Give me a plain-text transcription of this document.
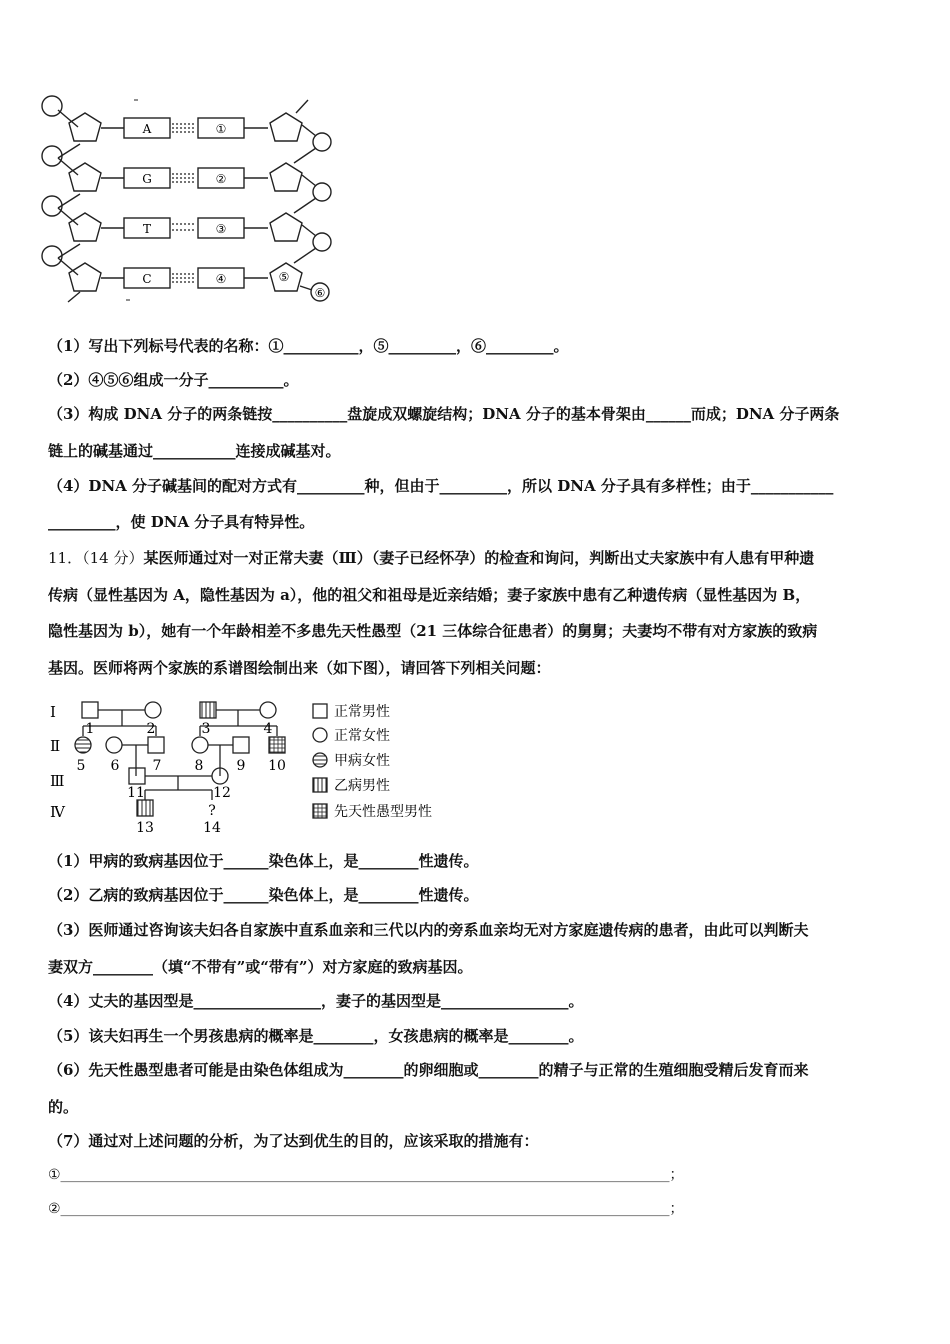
A
G
T
C
①
②
③
④	⑤
⑥
（1）写出下列标号代表的名称：①__________，⑤_________，⑥_________。
（2）④⑤⑥组成一分子__________。
（3）构成 DNA 分子的两条链按__________盘旋成双螺旋结构；DNA 分子的基本骨架由______而成；DNA 分子两条
链上的碱基通过___________连接成碱基对。
（4）DNA 分子碱基间的配对方式有_________种，但由于_________，所以 DNA 分子具有多样性；由于___________
_________，使 DNA 分子具有特异性。
11．（14 分）某医师通过对一对正常夫妻（Ⅲ）（妻子已经怀孕）的检查和询问，判断出丈夫家族中有人患有甲种遗
传病（显性基因为 A，隐性基因为 a），他的祖父和祖母是近亲结婚；妻子家族中患有乙种遗传病（显性基因为 B，
隐性基因为 b），她有一个年龄相差不多患先天性愚型（21 三体综合征患者）的舅舅；夫妻均不带有对方家族的致病
基因。医师将两个家族的系谱图绘制出来（如下图），请回答下列相关问题：
Ⅰ
Ⅱ
Ⅲ
Ⅳ
1	2	3	4
5 6 7 8 9 10
11	12
13
?
14
正常男性
正常女性
甲病女性
乙病男性
先天性愚型男性
（1）甲病的致病基因位于______染色体上，是________性遗传。
（2）乙病的致病基因位于______染色体上，是________性遗传。
（3）医师通过咨询该夫妇各自家族中直系血亲和三代以内的旁系血亲均无对方家庭遗传病的患者，由此可以判断夫
妻双方________（填“不带有”或“带有”）对方家庭的致病基因。
（4）丈夫的基因型是_________________，妻子的基因型是_________________。
（5）该夫妇再生一个男孩患病的概率是________，女孩患病的概率是________。
（6）先天性愚型患者可能是由染色体组成为________的卵细胞或________的精子与正常的生殖细胞受精后发育而来
的。
（7）通过对上述问题的分析，为了达到优生的目的，应该采取的措施有：
①_______________________________________________________________________________________；
②_______________________________________________________________________________________；
